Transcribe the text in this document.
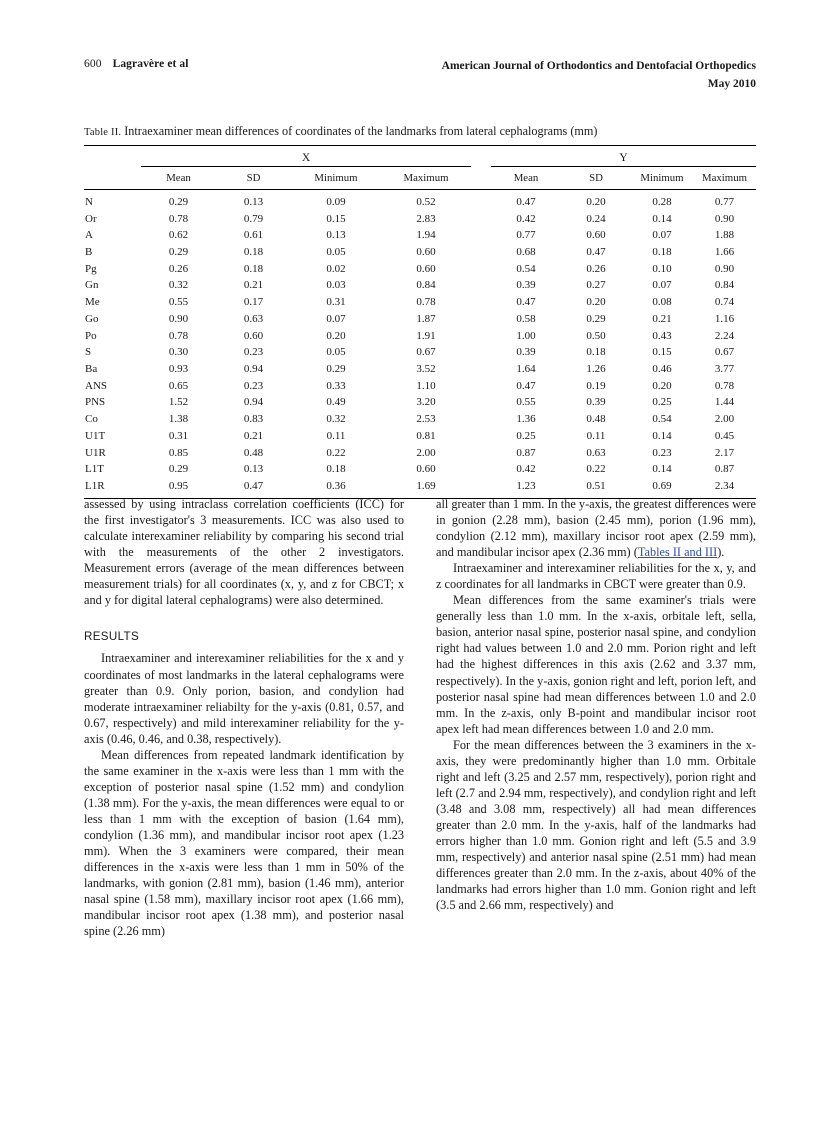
600 Lagravère et al	American Journal of Orthodontics and Dentofacial Orthopedics
May 2010
Table II. Intraexaminer mean differences of coordinates of the landmarks from lateral cephalograms (mm)

	X					Y			
	Mean	SD	Minimum	Maximum		Mean	SD	Minimum	Maximum

N	0.29	0.13	0.09	0.52		0.47	0.20	0.28	0.77
Or	0.78	0.79	0.15	2.83		0.42	0.24	0.14	0.90
A	0.62	0.61	0.13	1.94		0.77	0.60	0.07	1.88
B	0.29	0.18	0.05	0.60		0.68	0.47	0.18	1.66
Pg	0.26	0.18	0.02	0.60		0.54	0.26	0.10	0.90
Gn	0.32	0.21	0.03	0.84		0.39	0.27	0.07	0.84
Me	0.55	0.17	0.31	0.78		0.47	0.20	0.08	0.74
Go	0.90	0.63	0.07	1.87		0.58	0.29	0.21	1.16
Po	0.78	0.60	0.20	1.91		1.00	0.50	0.43	2.24
S	0.30	0.23	0.05	0.67		0.39	0.18	0.15	0.67
Ba	0.93	0.94	0.29	3.52		1.64	1.26	0.46	3.77
ANS	0.65	0.23	0.33	1.10		0.47	0.19	0.20	0.78
PNS	1.52	0.94	0.49	3.20		0.55	0.39	0.25	1.44
Co	1.38	0.83	0.32	2.53		1.36	0.48	0.54	2.00
U1T	0.31	0.21	0.11	0.81		0.25	0.11	0.14	0.45
U1R	0.85	0.48	0.22	2.00		0.87	0.63	0.23	2.17
L1T	0.29	0.13	0.18	0.60		0.42	0.22	0.14	0.87
L1R	0.95	0.47	0.36	1.69		1.23	0.51	0.69	2.34

assessed by using intraclass correlation coefficients (ICC) for the first investigator's 3 measurements. ICC was also used to calculate interexaminer reliability by comparing his second trial with the measurements of the other 2 investigators. Measurement errors (average of the mean differences between measurement trials) for all coordinates (x, y, and z for CBCT; x and y for digital lateral cephalograms) were also determined.

RESULTS

Intraexaminer and interexaminer reliabilities for the x and y coordinates of most landmarks in the lateral cephalograms were greater than 0.9. Only porion, basion, and condylion had moderate intraexaminer reliabilty for the y-axis (0.81, 0.57, and 0.67, respectively) and mild interexaminer reliability for the y-axis (0.46, 0.46, and 0.38, respectively).

Mean differences from repeated landmark identification by the same examiner in the x-axis were less than 1 mm with the exception of posterior nasal spine (1.52 mm) and condylion (1.38 mm). For the y-axis, the mean differences were equal to or less than 1 mm with the exception of basion (1.64 mm), condylion (1.36 mm), and mandibular incisor root apex (1.23 mm). When the 3 examiners were compared, their mean differences in the x-axis were less than 1 mm in 50% of the landmarks, with gonion (2.81 mm), basion (1.46 mm), anterior nasal spine (1.58 mm), maxillary incisor root apex (1.66 mm), mandibular incisor root apex (1.38 mm), and posterior nasal spine (2.26 mm)

all greater than 1 mm. In the y-axis, the greatest differences were in gonion (2.28 mm), basion (2.45 mm), porion (1.96 mm), condylion (2.12 mm), maxillary incisor root apex (2.59 mm), and mandibular incisor apex (2.36 mm) (Tables II and III).

Intraexaminer and interexaminer reliabilities for the x, y, and z coordinates for all landmarks in CBCT were greater than 0.9.

Mean differences from the same examiner's trials were generally less than 1.0 mm. In the x-axis, orbitale left, sella, basion, anterior nasal spine, posterior nasal spine, and condylion right had values between 1.0 and 2.0 mm. Porion right and left had the highest differences in this axis (2.62 and 3.37 mm, respectively). In the y-axis, gonion right and left, porion left, and posterior nasal spine had mean differences between 1.0 and 2.0 mm. In the z-axis, only B-point and mandibular incisor root apex left had mean differences between 1.0 and 2.0 mm.

For the mean differences between the 3 examiners in the x-axis, they were predominantly higher than 1.0 mm. Orbitale right and left (3.25 and 2.57 mm, respectively), porion right and left (2.7 and 2.94 mm, respectively), and condylion right and left (3.48 and 3.08 mm, respectively) all had mean differences greater than 2.0 mm. In the y-axis, half of the landmarks had errors higher than 1.0 mm. Gonion right and left (5.5 and 3.9 mm, respectively) and anterior nasal spine (2.51 mm) had mean differences greater than 2.0 mm. In the z-axis, about 40% of the landmarks had errors higher than 1.0 mm. Gonion right and left (3.5 and 2.66 mm, respectively) and
